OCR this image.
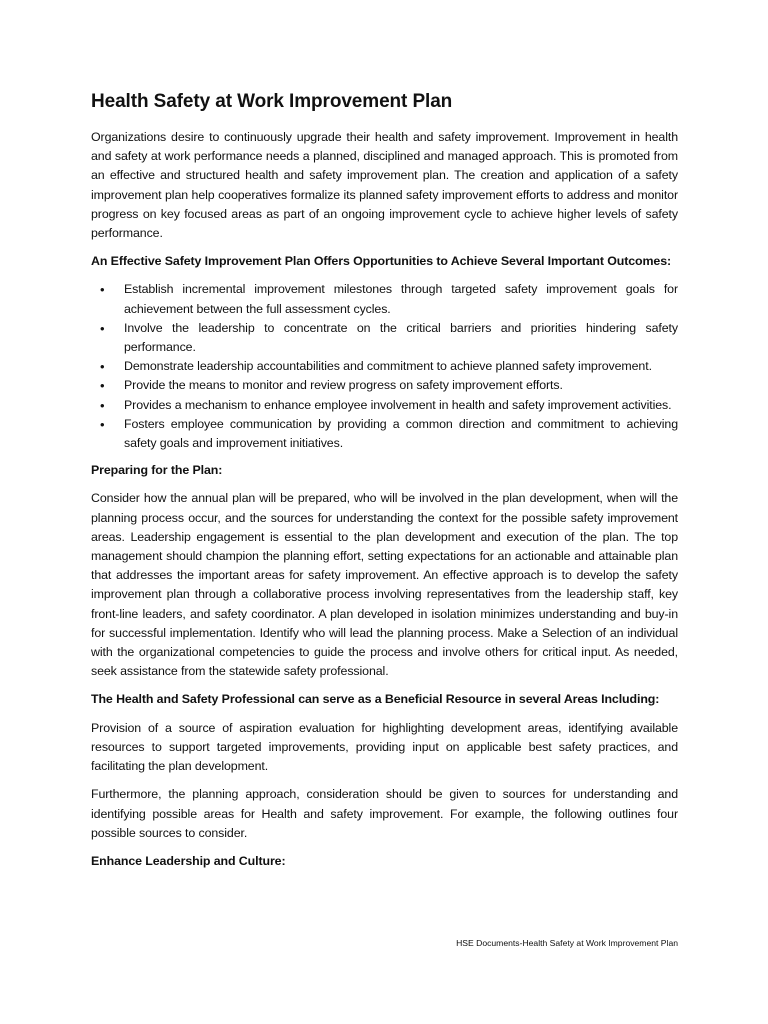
Health Safety at Work Improvement Plan

Organizations desire to continuously upgrade their health and safety improvement. Improvement in health and safety at work performance needs a planned, disciplined and managed approach. This is promoted from an effective and structured health and safety improvement plan. The creation and application of a safety improvement plan help cooperatives formalize its planned safety improvement efforts to address and monitor progress on key focused areas as part of an ongoing improvement cycle to achieve higher levels of safety performance.

An Effective Safety Improvement Plan Offers Opportunities to Achieve Several Important Outcomes:
• Establish incremental improvement milestones through targeted safety improvement goals for achievement between the full assessment cycles.
• Involve the leadership to concentrate on the critical barriers and priorities hindering safety performance.
• Demonstrate leadership accountabilities and commitment to achieve planned safety improvement.
• Provide the means to monitor and review progress on safety improvement efforts.
• Provides a mechanism to enhance employee involvement in health and safety improvement activities.
• Fosters employee communication by providing a common direction and commitment to achieving safety goals and improvement initiatives.
Preparing for the Plan:

Consider how the annual plan will be prepared, who will be involved in the plan development, when will the planning process occur, and the sources for understanding the context for the possible safety improvement areas. Leadership engagement is essential to the plan development and execution of the plan. The top management should champion the planning effort, setting expectations for an actionable and attainable plan that addresses the important areas for safety improvement. An effective approach is to develop the safety improvement plan through a collaborative process involving representatives from the leadership staff, key front-line leaders, and safety coordinator. A plan developed in isolation minimizes understanding and buy-in for successful implementation. Identify who will lead the planning process. Make a Selection of an individual with the organizational competencies to guide the process and involve others for critical input. As needed, seek assistance from the statewide safety professional.

The Health and Safety Professional can serve as a Beneficial Resource in several Areas Including:

Provision of a source of aspiration evaluation for highlighting development areas, identifying available resources to support targeted improvements, providing input on applicable best safety practices, and facilitating the plan development.

Furthermore, the planning approach, consideration should be given to sources for understanding and identifying possible areas for Health and safety improvement. For example, the following outlines four possible sources to consider.

Enhance Leadership and Culture:
HSE Documents-Health Safety at Work Improvement Plan
